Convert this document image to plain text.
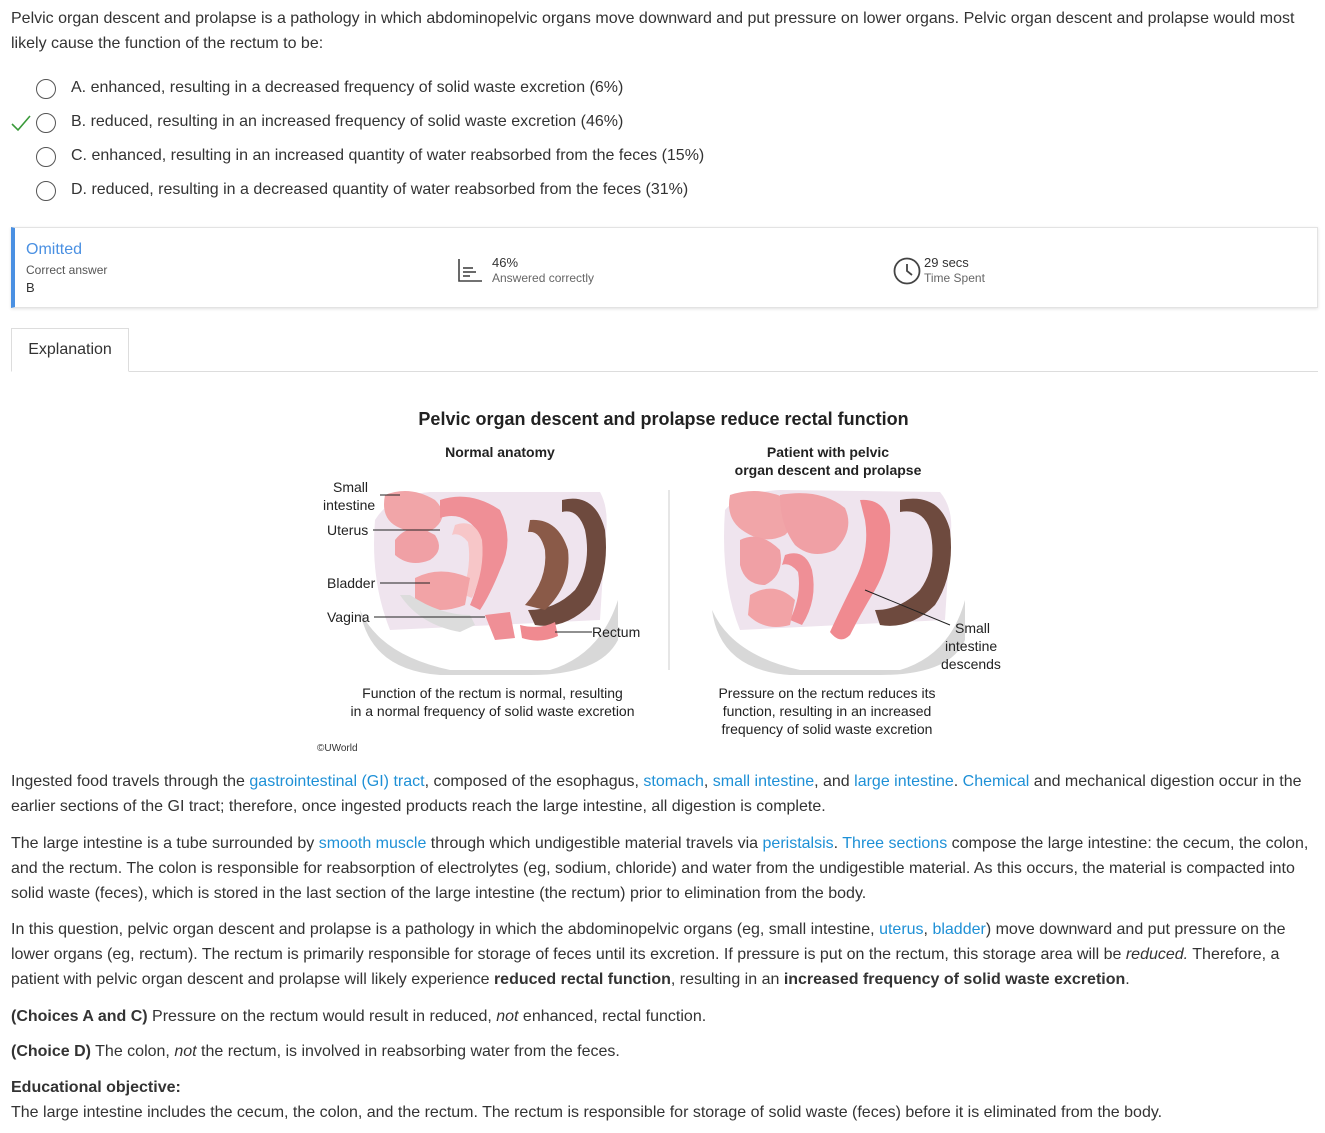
Pelvic organ descent and prolapse is a pathology in which abdominopelvic organs move downward and put pressure on lower organs. Pelvic organ descent and prolapse would most likely cause the function of the rectum to be:
A. enhanced, resulting in a decreased frequency of solid waste excretion (6%)
B. reduced, resulting in an increased frequency of solid waste excretion (46%)
C. enhanced, resulting in an increased quantity of water reabsorbed from the feces (15%)
D. reduced, resulting in a decreased quantity of water reabsorbed from the feces (31%)
Omitted
Correct answer
B
46%
Answered correctly
29 secs
Time Spent
Explanation
Pelvic organ descent and prolapse reduce rectal function
Normal anatomy	Patient with pelvic
organ descent and prolapse
Small
intestine
Uterus
Bladder
Vagina
Rectum	Small
intestine
descends
Function of the rectum is normal, resulting
in a normal frequency of solid waste excretion
Pressure on the rectum reduces its
function, resulting in an increased
frequency of solid waste excretion
©UWorld
Ingested food travels through the gastrointestinal (GI) tract, composed of the esophagus, stomach, small intestine, and large intestine. Chemical and mechanical digestion occur in the earlier sections of the GI tract; therefore, once ingested products reach the large intestine, all digestion is complete.
The large intestine is a tube surrounded by smooth muscle through which undigestible material travels via peristalsis. Three sections compose the large intestine: the cecum, the colon, and the rectum. The colon is responsible for reabsorption of electrolytes (eg, sodium, chloride) and water from the undigestible material. As this occurs, the material is compacted into solid waste (feces), which is stored in the last section of the large intestine (the rectum) prior to elimination from the body.
In this question, pelvic organ descent and prolapse is a pathology in which the abdominopelvic organs (eg, small intestine, uterus, bladder) move downward and put pressure on the lower organs (eg, rectum). The rectum is primarily responsible for storage of feces until its excretion. If pressure is put on the rectum, this storage area will be reduced. Therefore, a patient with pelvic organ descent and prolapse will likely experience reduced rectal function, resulting in an increased frequency of solid waste excretion.
(Choices A and C) Pressure on the rectum would result in reduced, not enhanced, rectal function.
(Choice D) The colon, not the rectum, is involved in reabsorbing water from the feces.
Educational objective:
The large intestine includes the cecum, the colon, and the rectum. The rectum is responsible for storage of solid waste (feces) before it is eliminated from the body.
